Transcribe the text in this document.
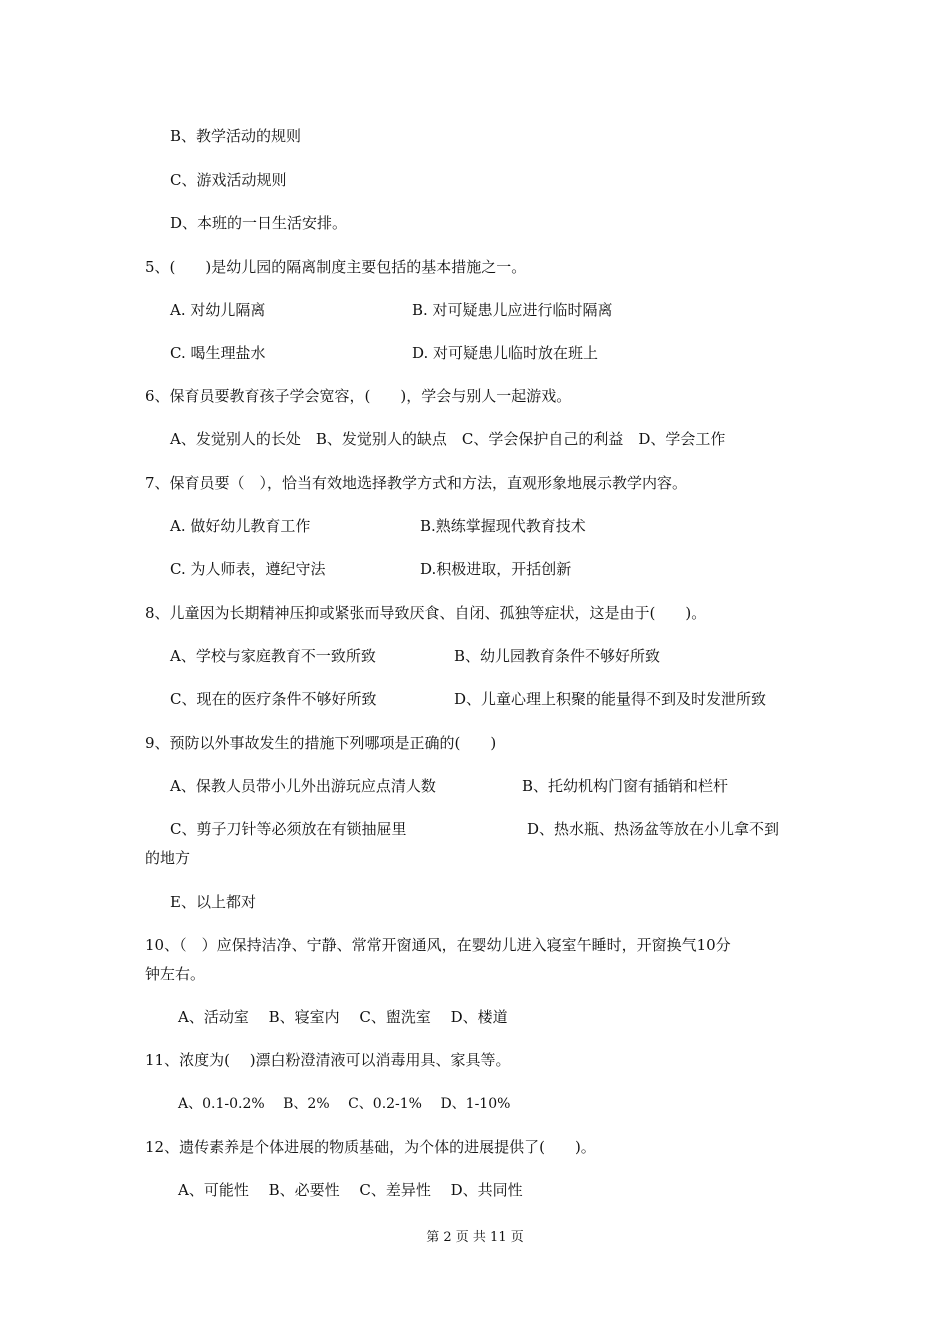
B、教学活动的规则
C、游戏活动规则
D、本班的一日生活安排。
5、(　　)是幼儿园的隔离制度主要包括的基本措施之一。
A. 对幼儿隔离	B. 对可疑患儿应进行临时隔离
C. 喝生理盐水	D. 对可疑患儿临时放在班上
6、保育员要教育孩子学会宽容，(　　)，学会与别人一起游戏。
A、发觉别人的长处　B、发觉别人的缺点　C、学会保护自己的利益　D、学会工作
7、保育员要（　），恰当有效地选择教学方式和方法，直观形象地展示教学内容。
A. 做好幼儿教育工作	B.熟练掌握现代教育技术
C. 为人师表，遵纪守法	D.积极进取，开括创新
8、儿童因为长期精神压抑或紧张而导致厌食、自闭、孤独等症状，这是由于(　　)。
A、学校与家庭教育不一致所致	B、幼儿园教育条件不够好所致
C、现在的医疗条件不够好所致	D、儿童心理上积聚的能量得不到及时发泄所致
9、预防以外事故发生的措施下列哪项是正确的(　　)
A、保教人员带小儿外出游玩应点清人数	B、托幼机构门窗有插销和栏杆
C、剪子刀针等必须放在有锁抽屉里	D、热水瓶、热汤盆等放在小儿拿不到
的地方
E、以上都对
10、（　）应保持洁净、宁静、常常开窗通风，在婴幼儿进入寝室午睡时，开窗换气10分
钟左右。
A、活动室　 B、寝室内　 C、盥洗室　 D、楼道
11、浓度为(　 )漂白粉澄清液可以消毒用具、家具等。
A、0.1-0.2%　 B、2%　 C、0.2-1%　 D、1-10%
12、遗传素养是个体进展的物质基础，为个体的进展提供了(　　)。
A、可能性　 B、必要性　 C、差异性　 D、共同性
第 2 页 共 11 页
